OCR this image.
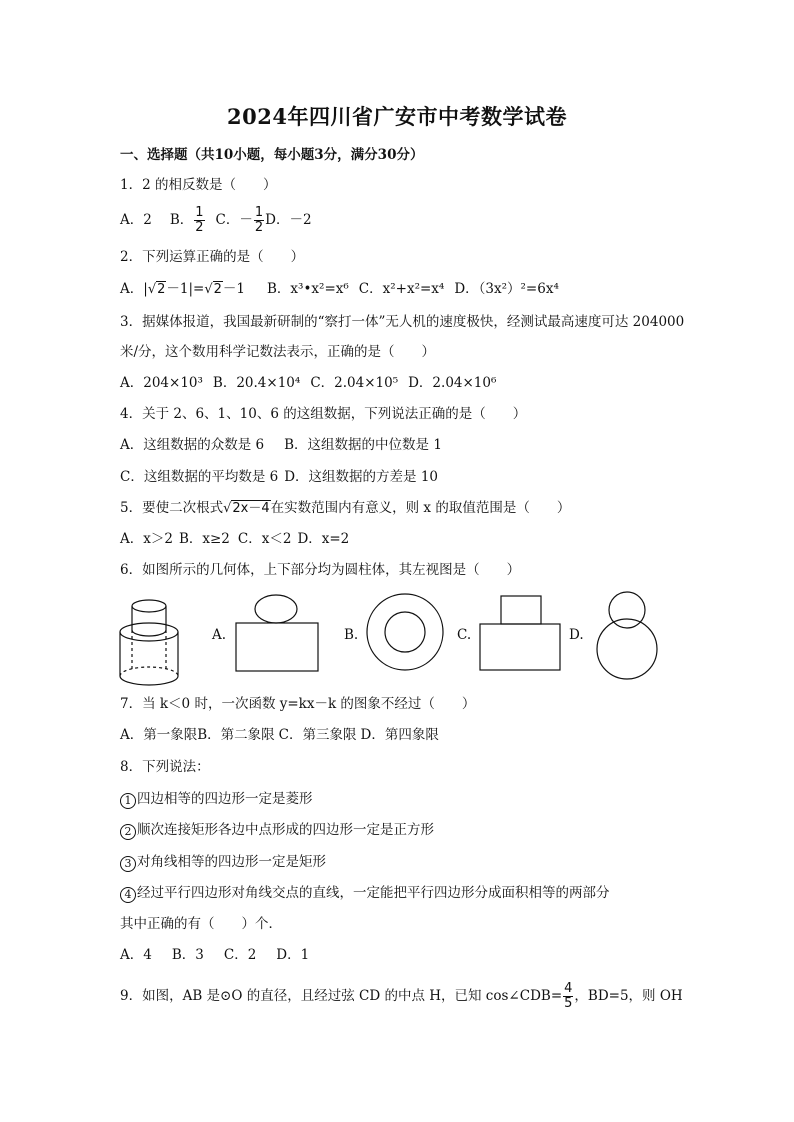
2024年四川省广安市中考数学试卷
一、选择题（共10小题，每小题3分，满分30分）
1．2 的相反数是（　　）
A．2 B． $\frac{1}{2}$ C．－ $\frac{1}{2}$ D．－2
2．下列运算正确的是（　　）
A．|√2－1|=√2－1 B．x³•x²=x⁶ C．x²+x²=x⁴ D．（3x²）²=6x⁴
3．据媒体报道，我国最新研制的“察打一体”无人机的速度极快，经测试最高速度可达 204000
米/分，这个数用科学记数法表示，正确的是（　　）
A．204×10³ B．20.4×10⁴ C．2.04×10⁵ D．2.04×10⁶
4．关于 2、6、1、10、6 的这组数据，下列说法正确的是（　　）
A．这组数据的众数是 6 B．这组数据的中位数是 1
C．这组数据的平均数是 6 D．这组数据的方差是 10
5．要使二次根式√2x－4在实数范围内有意义，则 x 的取值范围是（　　）
A．x＞2 B．x≥2 C．x＜2 D．x=2
6．如图所示的几何体，上下部分均为圆柱体，其左视图是（　　）
A.	B.	C.	D.
7．当 k＜0 时，一次函数 y=kx－k 的图象不经过（　　）
A．第一象限B．第二象限 C．第三象限 D．第四象限
8．下列说法：
1 四边相等的四边形一定是菱形
2 顺次连接矩形各边中点形成的四边形一定是正方形
3 对角线相等的四边形一定是矩形
4 经过平行四边形对角线交点的直线，一定能把平行四边形分成面积相等的两部分
其中正确的有（　　）个．
A．4 B．3 C．2 D．1
9．如图，AB 是⊙O 的直径，且经过弦 CD 的中点 H，已知 cos∠CDB= $\frac{4}{5}$ ，BD=5，则 OH
